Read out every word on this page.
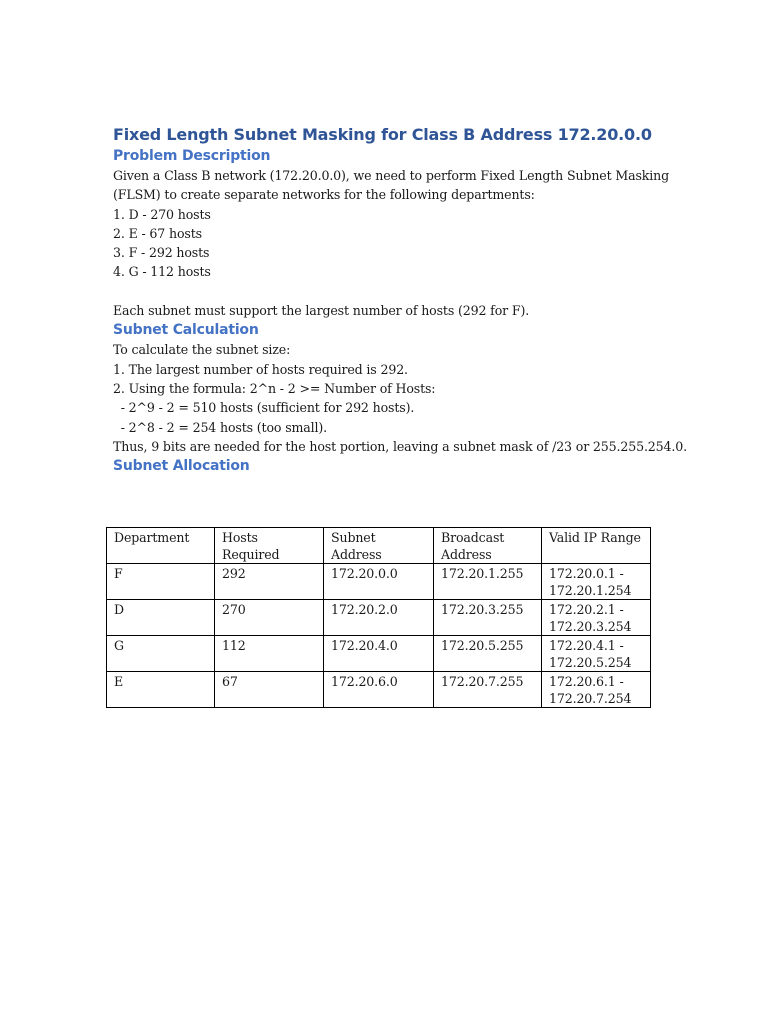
Fixed Length Subnet Masking for Class B Address 172.20.0.0
Problem Description
Given a Class B network (172.20.0.0), we need to perform Fixed Length Subnet Masking
(FLSM) to create separate networks for the following departments:
1. D - 270 hosts
2. E - 67 hosts
3. F - 292 hosts
4. G - 112 hosts

Each subnet must support the largest number of hosts (292 for F).
Subnet Calculation
To calculate the subnet size:
1. The largest number of hosts required is 292.
2. Using the formula: 2^n - 2 >= Number of Hosts:
- 2^9 - 2 = 510 hosts (sufficient for 292 hosts).
- 2^8 - 2 = 254 hosts (too small).
Thus, 9 bits are needed for the host portion, leaving a subnet mask of /23 or 255.255.254.0.
Subnet Allocation
Department	Hosts Required	Subnet Address	Broadcast Address	Valid IP Range
F	292	172.20.0.0	172.20.1.255	172.20.0.1 - 172.20.1.254
D	270	172.20.2.0	172.20.3.255	172.20.2.1 - 172.20.3.254
G	112	172.20.4.0	172.20.5.255	172.20.4.1 - 172.20.5.254
E	67	172.20.6.0	172.20.7.255	172.20.6.1 - 172.20.7.254
